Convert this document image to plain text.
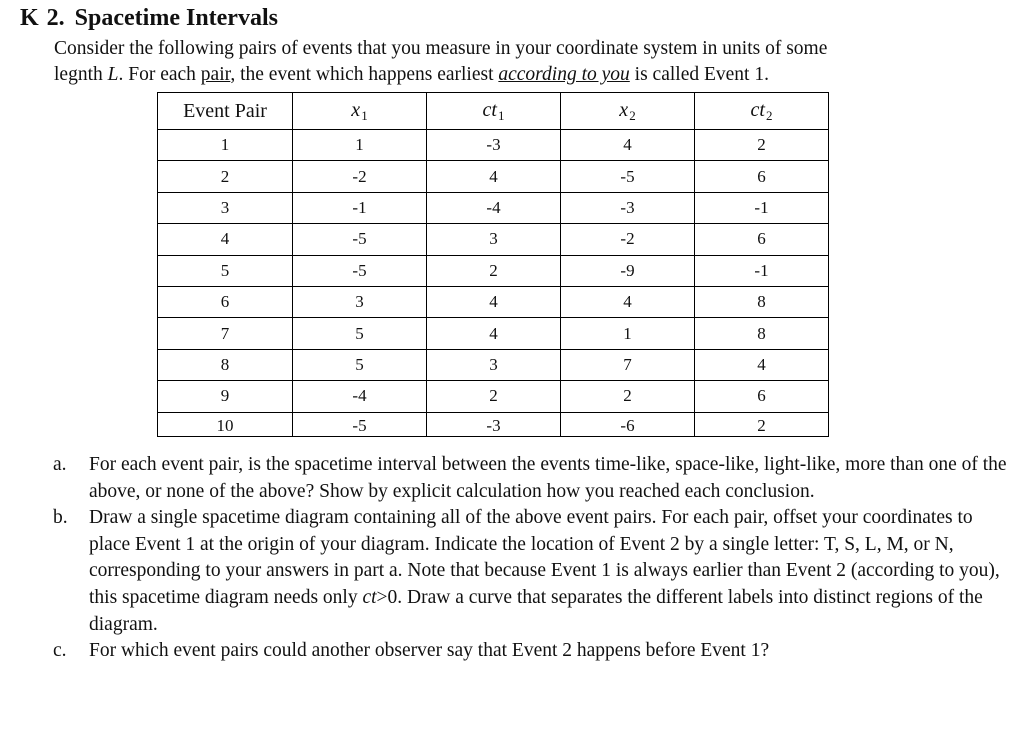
K 2. Spacetime Intervals

Consider the following pairs of events that you measure in your coordinate system in units of some

legnth L. For each pair, the event which happens earliest according to you is called Event 1.

Event Pair	$x_1$	$ct_1$	$x_2$	$ct_2$
1	1	-3	4	2
2	-2	4	-5	6
3	-1	-4	-3	-1
4	-5	3	-2	6
5	-5	2	-9	-1
6	3	4	4	8
7	5	4	1	8
8	5	3	7	4
9	-4	2	2	6
10	-5	-3	-6	2
a.	For each event pair, is the spacetime interval between the events time-like, space-like, light-like, more than one of the above, or none of the above? Show by explicit calculation how you reached each conclusion.
b.	Draw a single spacetime diagram containing all of the above event pairs. For each pair, offset your coordinates to place Event 1 at the origin of your diagram. Indicate the location of Event 2 by a single letter: T, S, L, M, or N, corresponding to your answers in part a. Note that because Event 1 is always earlier than Event 2 (according to you), this spacetime diagram needs only ct>0. Draw a curve that separates the different labels into distinct regions of the diagram.
c.	For which event pairs could another observer say that Event 2 happens before Event 1?
